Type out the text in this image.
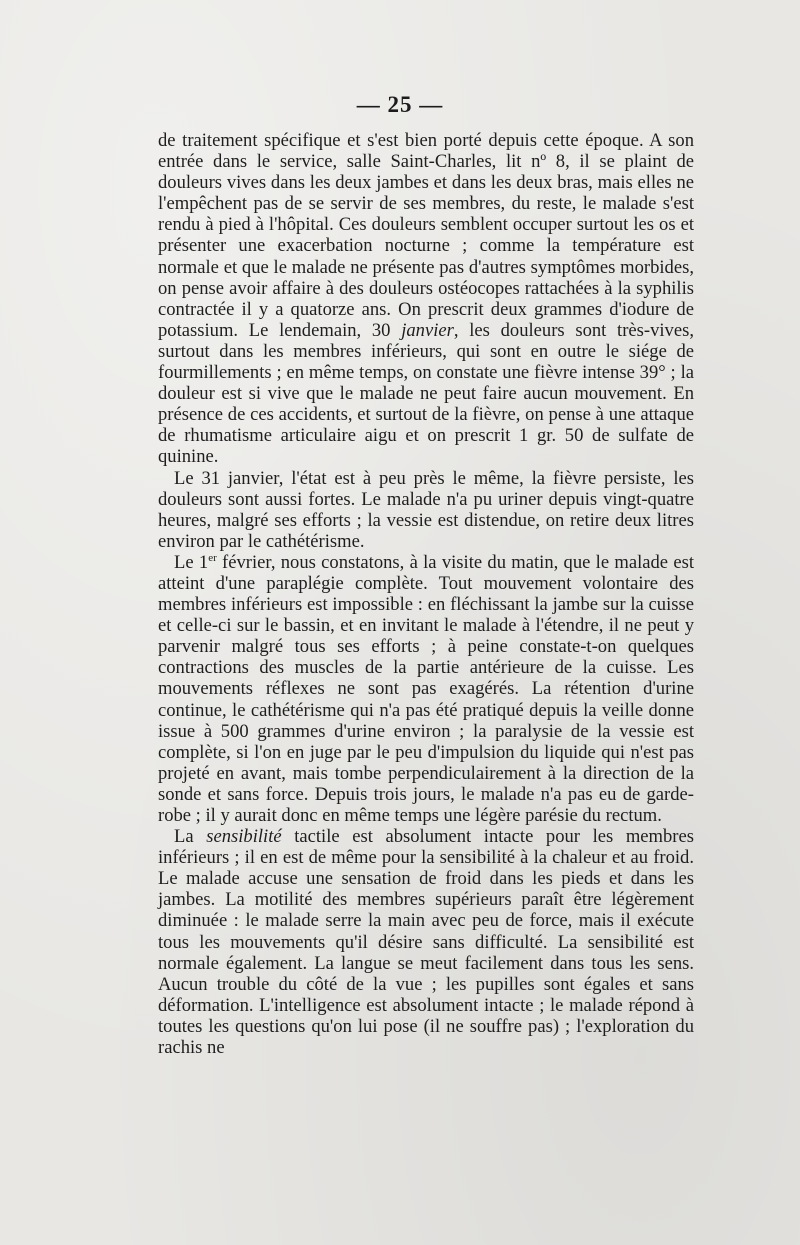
— 25 —

de traitement spécifique et s'est bien porté depuis cette époque. A son entrée dans le service, salle Saint-Charles, lit nº 8, il se plaint de douleurs vives dans les deux jambes et dans les deux bras, mais elles ne l'empêchent pas de se servir de ses membres, du reste, le malade s'est rendu à pied à l'hôpital. Ces douleurs semblent occuper surtout les os et présenter une exacerbation nocturne ; comme la température est normale et que le malade ne présente pas d'autres symptômes morbides, on pense avoir affaire à des douleurs ostéocopes rattachées à la syphilis contractée il y a quatorze ans. On prescrit deux grammes d'iodure de potassium. Le lendemain, 30 janvier, les douleurs sont très-vives, surtout dans les membres inférieurs, qui sont en outre le siége de fourmillements ; en même temps, on constate une fièvre intense 39° ; la douleur est si vive que le malade ne peut faire aucun mouvement. En présence de ces accidents, et surtout de la fièvre, on pense à une attaque de rhumatisme articulaire aigu et on prescrit 1 gr. 50 de sulfate de quinine.

Le 31 janvier, l'état est à peu près le même, la fièvre persiste, les douleurs sont aussi fortes. Le malade n'a pu uriner depuis vingt-quatre heures, malgré ses efforts ; la vessie est distendue, on retire deux litres environ par le cathétérisme.

Le 1er février, nous constatons, à la visite du matin, que le malade est atteint d'une paraplégie complète. Tout mouvement volontaire des membres inférieurs est impossible : en fléchissant la jambe sur la cuisse et celle-ci sur le bassin, et en invitant le malade à l'étendre, il ne peut y parvenir malgré tous ses efforts ; à peine constate-t-on quelques contractions des muscles de la partie antérieure de la cuisse. Les mouvements réflexes ne sont pas exagérés. La rétention d'urine continue, le cathétérisme qui n'a pas été pratiqué depuis la veille donne issue à 500 grammes d'urine environ ; la paralysie de la vessie est complète, si l'on en juge par le peu d'impulsion du liquide qui n'est pas projeté en avant, mais tombe perpendiculairement à la direction de la sonde et sans force. Depuis trois jours, le malade n'a pas eu de garde-robe ; il y aurait donc en même temps une légère parésie du rectum.

La sensibilité tactile est absolument intacte pour les membres inférieurs ; il en est de même pour la sensibilité à la chaleur et au froid. Le malade accuse une sensation de froid dans les pieds et dans les jambes. La motilité des membres supérieurs paraît être légèrement diminuée : le malade serre la main avec peu de force, mais il exécute tous les mouvements qu'il désire sans difficulté. La sensibilité est normale également. La langue se meut facilement dans tous les sens. Aucun trouble du côté de la vue ; les pupilles sont égales et sans déformation. L'intelligence est absolument intacte ; le malade répond à toutes les questions qu'on lui pose (il ne souffre pas) ; l'exploration du rachis ne
